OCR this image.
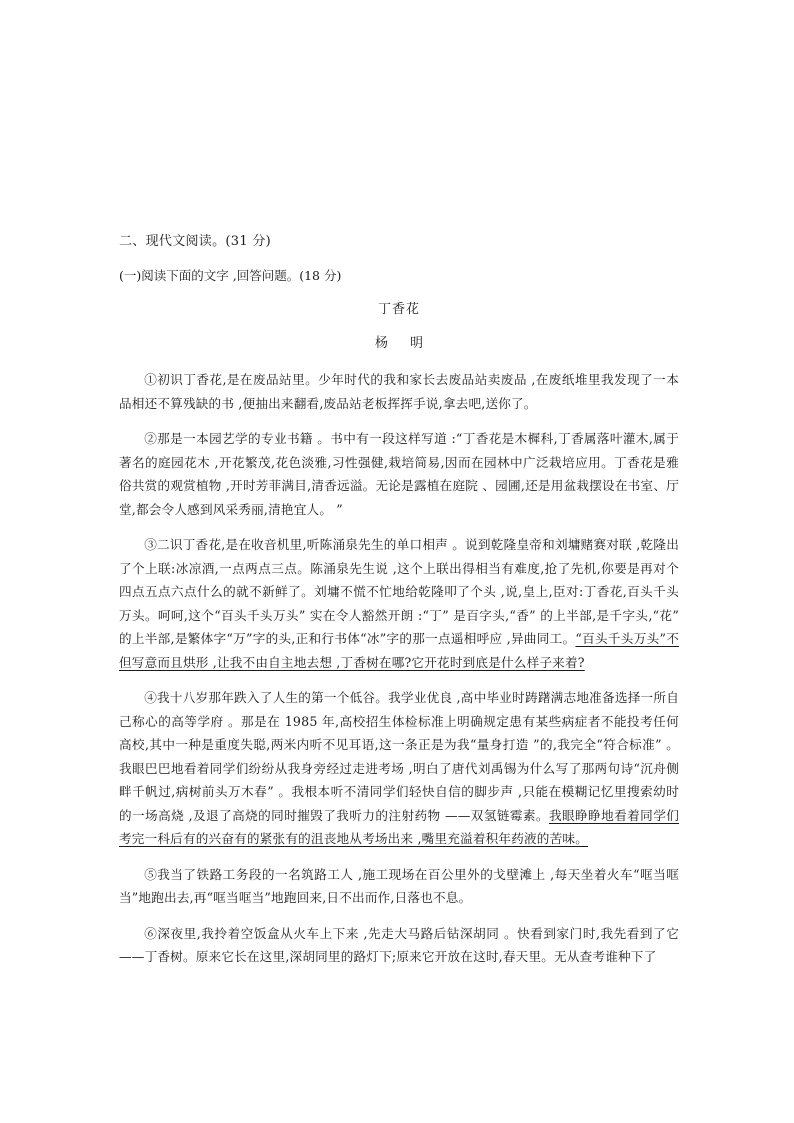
二、现代文阅读。(31 分)
(一)阅读下面的文字 ,回答问题。(18 分)
丁香花
杨 明

①初识丁香花,是在废品站里。少年时代的我和家长去废品站卖废品 ,在废纸堆里我发现了一本品相还不算残缺的书 ,便抽出来翻看,废品站老板挥挥手说,拿去吧,送你了。

②那是一本园艺学的专业书籍 。书中有一段这样写道 :“丁香花是木樨科,丁香属落叶灌木,属于著名的庭园花木 ,开花繁茂,花色淡雅,习性强健,栽培简易,因而在园林中广泛栽培应用。丁香花是雅俗共赏的观赏植物 ,开时芳菲满目,清香远溢。无论是露植在庭院 、园圃,还是用盆栽摆设在书室、厅堂,都会令人感到风采秀丽,清艳宜人。 ”

③二识丁香花,是在收音机里,听陈涌泉先生的单口相声 。说到乾隆皇帝和刘墉赌赛对联 ,乾隆出了个上联:冰凉酒,一点两点三点。陈涌泉先生说 ,这个上联出得相当有难度,抢了先机,你要是再对个四点五点六点什么的就不新鲜了。刘墉不慌不忙地给乾隆叩了个头 ,说,皇上,臣对:丁香花,百头千头万头。呵呵,这个“百头千头万头” 实在令人豁然开朗 :“丁” 是百字头,“香” 的上半部,是千字头,“花” 的上半部,是繁体字“万”字的头,正和行书体“冰”字的那一点遥相呼应 ,异曲同工。“百头千头万头”不但写意而且烘形 ,让我不由自主地去想 ,丁香树在哪?它开花时到底是什么样子来着?

④我十八岁那年跌入了人生的第一个低谷。我学业优良 ,高中毕业时踌躇满志地准备选择一所自己称心的高等学府 。那是在 1985 年,高校招生体检标准上明确规定患有某些病症者不能投考任何高校,其中一种是重度失聪,两米内听不见耳语,这一条正是为我“量身打造 ”的,我完全“符合标准” 。我眼巴巴地看着同学们纷纷从我身旁经过走进考场 ,明白了唐代刘禹锡为什么写了那两句诗“沉舟侧畔千帆过,病树前头万木春” 。我根本听不清同学们轻快自信的脚步声 ,只能在模糊记忆里搜索幼时的一场高烧 ,及退了高烧的同时摧毁了我听力的注射药物 ——双氢链霉素。我眼睁睁地看着同学们考完一科后有的兴奋有的紧张有的沮丧地从考场出来 ,嘴里充溢着积年药液的苦味。

⑤我当了铁路工务段的一名筑路工人 ,施工现场在百公里外的戈壁滩上 ,每天坐着火车“哐当哐当”地跑出去,再“哐当哐当”地跑回来,日不出而作,日落也不息。

⑥深夜里,我拎着空饭盒从火车上下来 ,先走大马路后钻深胡同 。快看到家门时,我先看到了它——丁香树。原来它长在这里,深胡同里的路灯下;原来它开放在这时,春天里。无从查考谁种下了
